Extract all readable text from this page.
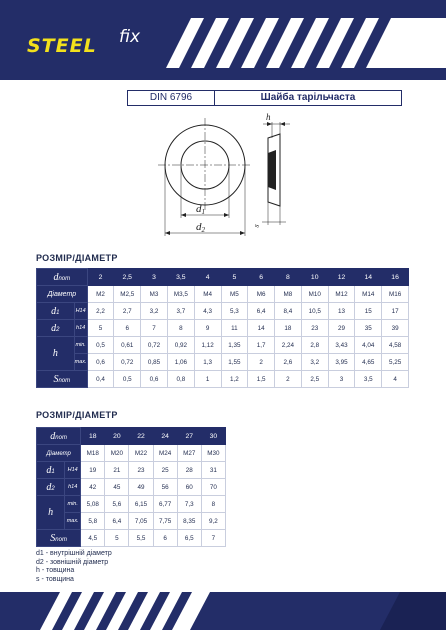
STEEL fix
DIN 6796	Шайба тарільчаста
h
s
d1
d2
РОЗМІР/ДІАМЕТР
dnom		2	2,5	3	3,5	4	5	6	8	10	12	14	16
Діаметр		M2	M2,5	M3	M3,5	M4	M5	M6	M8	M10	M12	M14	M16
d1	H14	2,2	2,7	3,2	3,7	4,3	5,3	6,4	8,4	10,5	13	15	17
d2	h14	5	6	7	8	9	11	14	18	23	29	35	39
h	min.	0,5	0,61	0,72	0,92	1,12	1,35	1,7	2,24	2,8	3,43	4,04	4,58
	max.	0,6	0,72	0,85	1,06	1,3	1,55	2	2,6	3,2	3,95	4,65	5,25
Snom		0,4	0,5	0,6	0,8	1	1,2	1,5	2	2,5	3	3,5	4
РОЗМІР/ДІАМЕТР
dnom		18	20	22	24	27	30
Діаметр		M18	M20	M22	M24	M27	M30
d1	H14	19	21	23	25	28	31
d2	h14	42	45	49	56	60	70
h	min.	5,08	5,6	6,15	6,77	7,3	8
	max.	5,8	6,4	7,05	7,75	8,35	9,2
Snom		4,5	5	5,5	6	6,5	7
d1 - внутрішній діаметр
d2 - зовнішній діаметр
h - товщина
s - товщина
